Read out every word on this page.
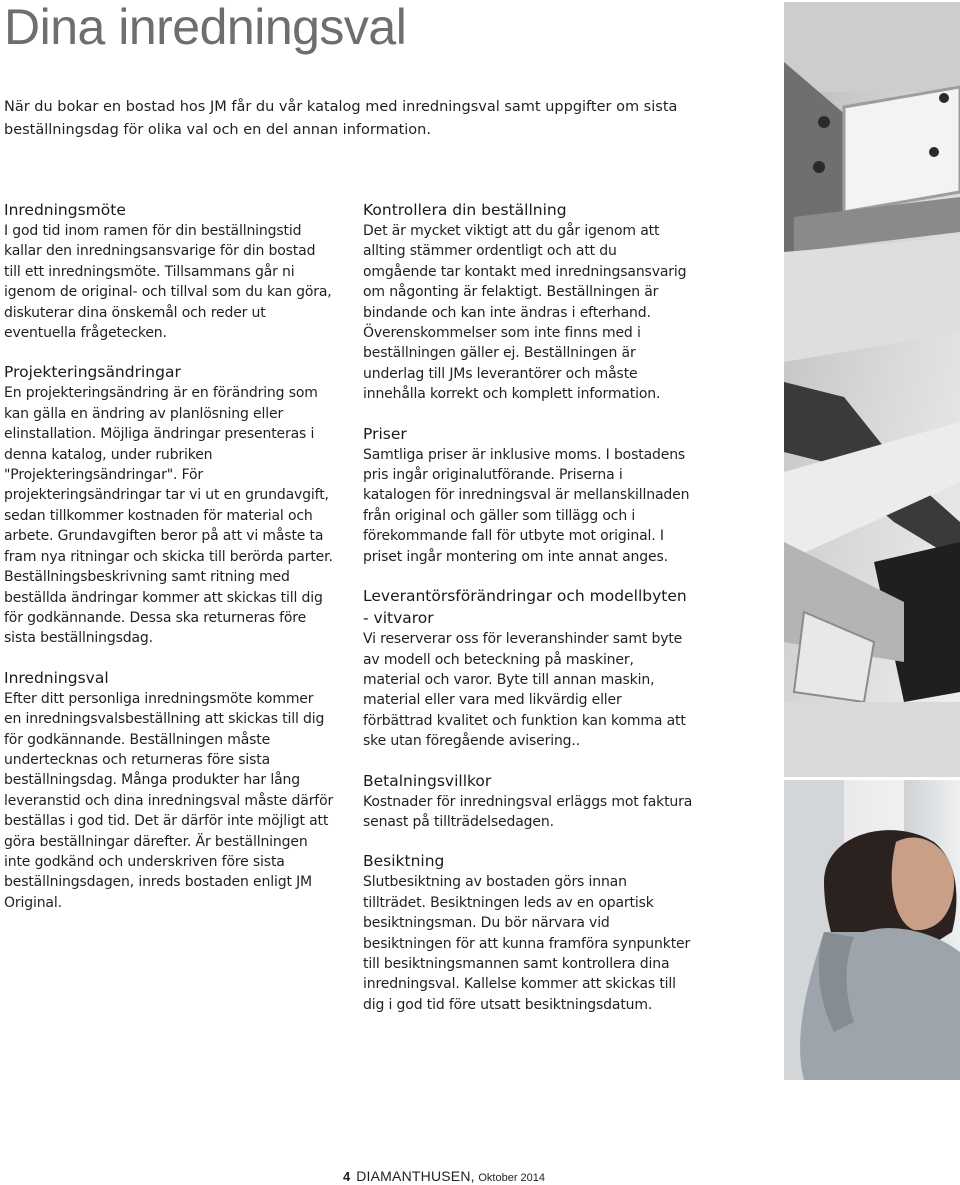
Dina inredningsval

När du bokar en bostad hos JM får du vår katalog med inredningsval samt uppgifter om sista beställningsdag för olika val och en del annan information.

Inredningsmöte

I god tid inom ramen för din beställningstid kallar den inredningsansvarige för din bostad till ett inredningsmöte. Tillsammans går ni igenom de original- och tillval som du kan göra, diskuterar dina önskemål och reder ut eventuella frågetecken.

Projekteringsändringar

En projekteringsändring är en förändring som kan gälla en ändring av planlösning eller elinstallation. Möjliga ändringar presenteras i denna katalog, under rubriken "Projekteringsändringar". För projekteringsändringar tar vi ut en grundavgift, sedan tillkommer kostnaden för material och arbete. Grundavgiften beror på att vi måste ta fram nya ritningar och skicka till berörda parter. Beställningsbeskrivning samt ritning med beställda ändringar kommer att skickas till dig för godkännande. Dessa ska returneras före sista beställningsdag.

Inredningsval

Efter ditt personliga inredningsmöte kommer en inredningsvalsbeställning att skickas till dig för godkännande. Beställningen måste undertecknas och returneras före sista beställningsdag. Många produkter har lång leveranstid och dina inredningsval måste därför beställas i god tid. Det är därför inte möjligt att göra beställningar därefter. Är beställningen inte godkänd och underskriven före sista beställningsdagen, inreds bostaden enligt JM Original.

Kontrollera din beställning

Det är mycket viktigt att du går igenom att allting stämmer ordentligt och att du omgående tar kontakt med inredningsansvarig om någonting är felaktigt. Beställningen är bindande och kan inte ändras i efterhand. Överenskommelser som inte finns med i beställningen gäller ej. Beställningen är underlag till JMs leverantörer och måste innehålla korrekt och komplett information.

Priser

Samtliga priser är inklusive moms. I bostadens pris ingår originalutförande. Priserna i katalogen för inredningsval är mellanskillnaden från original och gäller som tillägg och i förekommande fall för utbyte mot original. I priset ingår montering om inte annat anges.

Leverantörsförändringar och modellbyten - vitvaror

Vi reserverar oss för leveranshinder samt byte av modell och beteckning på maskiner, material och varor. Byte till annan maskin, material eller vara med likvärdig eller förbättrad kvalitet och funktion kan komma att ske utan föregående avisering..

Betalningsvillkor

Kostnader för inredningsval erläggs mot faktura senast på tillträdelsedagen.

Besiktning

Slutbesiktning av bostaden görs innan tillträdet. Besiktningen leds av en opartisk besiktningsman. Du bör närvara vid besiktningen för att kunna framföra synpunkter till besiktningsmannen samt kontrollera dina inredningsval. Kallelse kommer att skickas till dig i god tid före utsatt besiktningsdatum.

4 DIAMANTHUSEN, Oktober 2014
